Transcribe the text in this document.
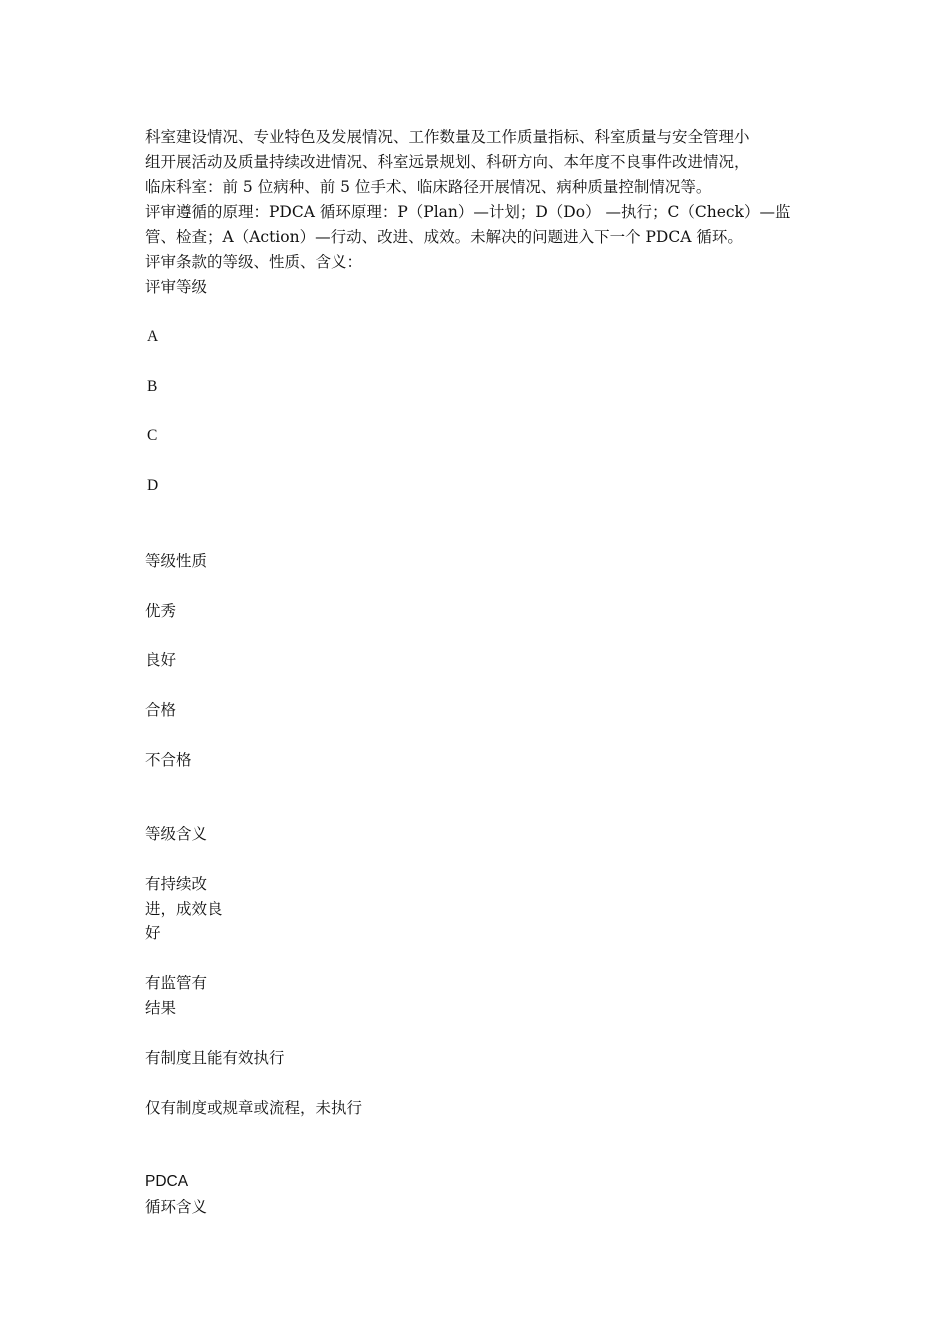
科室建设情况、专业特色及发展情况、工作数量及工作质量指标、科室质量与安全管理小

组开展活动及质量持续改进情况、科室远景规划、科研方向、本年度不良事件改进情况，

临床科室：前 5 位病种、前 5 位手术、临床路径开展情况、病种质量控制情况等。

评审遵循的原理：PDCA 循环原理：P（Plan）—计划；D（Do） —执行；C（Check）—监

管、检查；A（Action）—行动、改进、成效。未解决的问题进入下一个 PDCA 循环。

评审条款的等级、性质、含义：

评审等级

A

B

C

D

等级性质

优秀

良好

合格

不合格

等级含义

有持续改
进，成效良
好
有监管有
结果

有制度且能有效执行

仅有制度或规章或流程，未执行

PDCA

循环含义
